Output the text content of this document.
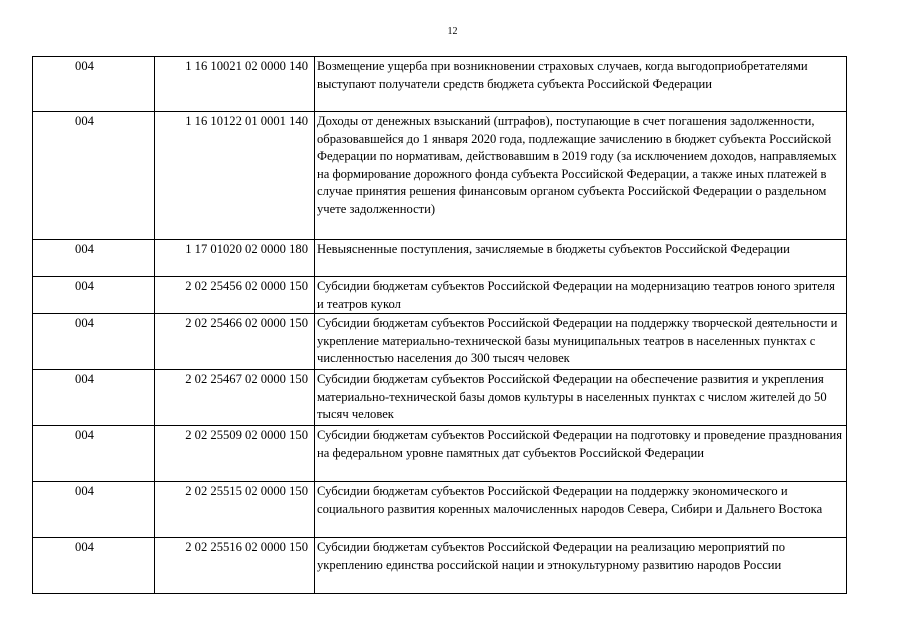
12
004	1 16 10021 02 0000 140	Возмещение ущерба при возникновении страховых случаев, когда выгодоприобретателями выступают получатели средств бюджета субъекта Российской Федерации
004	1 16 10122 01 0001 140	Доходы от денежных взысканий (штрафов), поступающие в счет погашения задолженности, образовавшейся до 1 января 2020 года, подлежащие зачислению в бюджет субъекта Российской Федерации по нормативам, действовавшим в 2019 году (за исключением доходов, направляемых на формирование дорожного фонда субъекта Российской Федерации, а также иных платежей в случае принятия решения финансовым органом субъекта Российской Федерации о раздельном учете задолженности)
004	1 17 01020 02 0000 180	Невыясненные поступления, зачисляемые в бюджеты субъектов Российской Федерации
004	2 02 25456 02 0000 150	Субсидии бюджетам субъектов Российской Федерации на модернизацию театров юного зрителя и театров кукол
004	2 02 25466 02 0000 150	Субсидии бюджетам субъектов Российской Федерации на поддержку творческой деятельности и укрепление материально-технической базы муниципальных театров в населенных пунктах с численностью населения до 300 тысяч человек
004	2 02 25467 02 0000 150	Субсидии бюджетам субъектов Российской Федерации на обеспечение развития и укрепления материально-технической базы домов культуры в населенных пунктах с числом жителей до 50 тысяч человек
004	2 02 25509 02 0000 150	Субсидии бюджетам субъектов Российской Федерации на подготовку и проведение празднования на федеральном уровне памятных дат субъектов Российской Федерации
004	2 02 25515 02 0000 150	Субсидии бюджетам субъектов Российской Федерации на поддержку экономического и социального развития коренных малочисленных народов Севера, Сибири и Дальнего Востока
004	2 02 25516 02 0000 150	Субсидии бюджетам субъектов Российской Федерации на реализацию мероприятий по укреплению единства российской нации и этнокультурному развитию народов России
